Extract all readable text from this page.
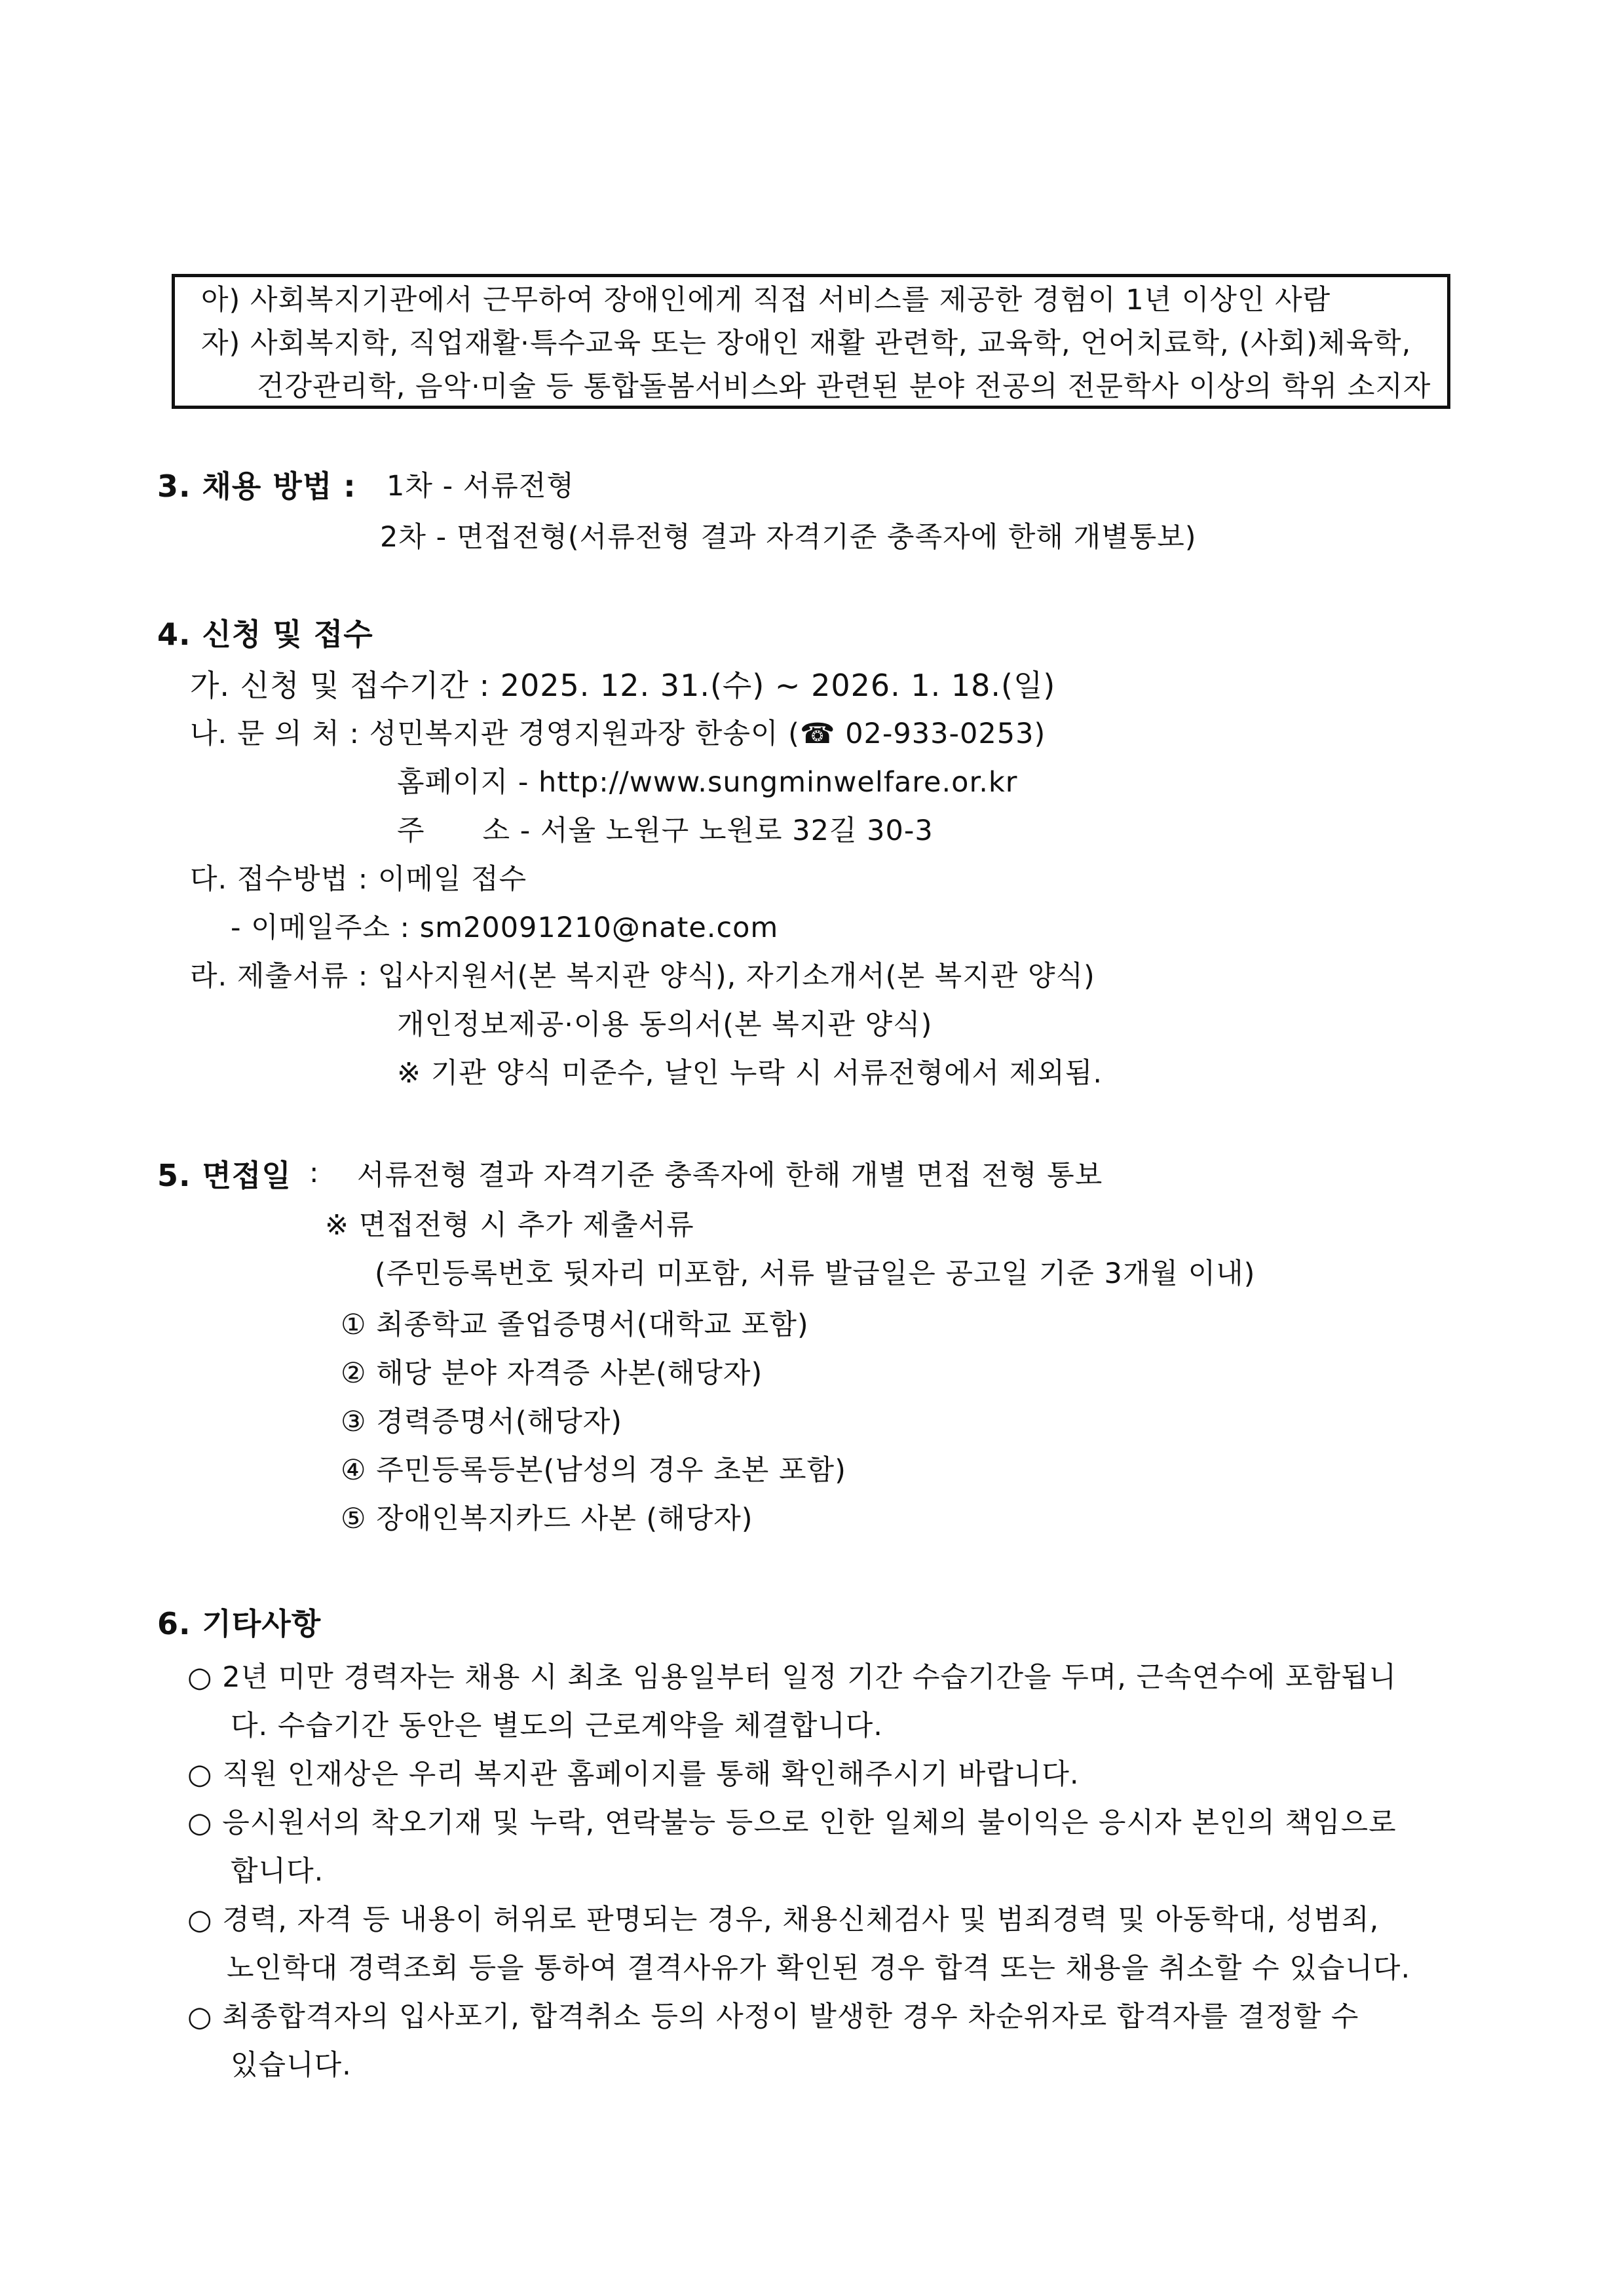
아) 사회복지기관에서 근무하여 장애인에게 직접 서비스를 제공한 경험이 1년 이상인 사람
자) 사회복지학, 직업재활·특수교육 또는 장애인 재활 관련학, 교육학, 언어치료학, (사회)체육학,
건강관리학, 음악·미술 등 통합돌봄서비스와 관련된 분야 전공의 전문학사 이상의 학위 소지자
3. 채용 방법 : 1차 - 서류전형
2차 - 면접전형(서류전형 결과 자격기준 충족자에 한해 개별통보)
4. 신청 및 접수
가. 신청 및 접수기간 : 2025. 12. 31.(수) ~ 2026. 1. 18.(일)
나. 문 의 처 : 성민복지관 경영지원과장 한송이 (☎ 02-933-0253)
홈페이지 - http://www.sungminwelfare.or.kr
주      소 - 서울 노원구 노원로 32길 30-3
다. 접수방법 : 이메일 접수
- 이메일주소 : sm20091210@nate.com
라. 제출서류 : 입사지원서(본 복지관 양식), 자기소개서(본 복지관 양식)
개인정보제공·이용 동의서(본 복지관 양식)
※ 기관 양식 미준수, 날인 누락 시 서류전형에서 제외됨.
5. 면접일 : 서류전형 결과 자격기준 충족자에 한해 개별 면접 전형 통보
※ 면접전형 시 추가 제출서류
(주민등록번호 뒷자리 미포함, 서류 발급일은 공고일 기준 3개월 이내)
① 최종학교 졸업증명서(대학교 포함)
② 해당 분야 자격증 사본(해당자)
③ 경력증명서(해당자)
④ 주민등록등본(남성의 경우 초본 포함)
⑤ 장애인복지카드 사본 (해당자)
6. 기타사항
○ 2년 미만 경력자는 채용 시 최초 임용일부터 일정 기간 수습기간을 두며, 근속연수에 포함됩니
다. 수습기간 동안은 별도의 근로계약을 체결합니다.
○ 직원 인재상은 우리 복지관 홈페이지를 통해 확인해주시기 바랍니다.
○ 응시원서의 착오기재 및 누락, 연락불능 등으로 인한 일체의 불이익은 응시자 본인의 책임으로
합니다.
○ 경력, 자격 등 내용이 허위로 판명되는 경우, 채용신체검사 및 범죄경력 및 아동학대, 성범죄,
노인학대 경력조회 등을 통하여 결격사유가 확인된 경우 합격 또는 채용을 취소할 수 있습니다.
○ 최종합격자의 입사포기, 합격취소 등의 사정이 발생한 경우 차순위자로 합격자를 결정할 수
있습니다.
